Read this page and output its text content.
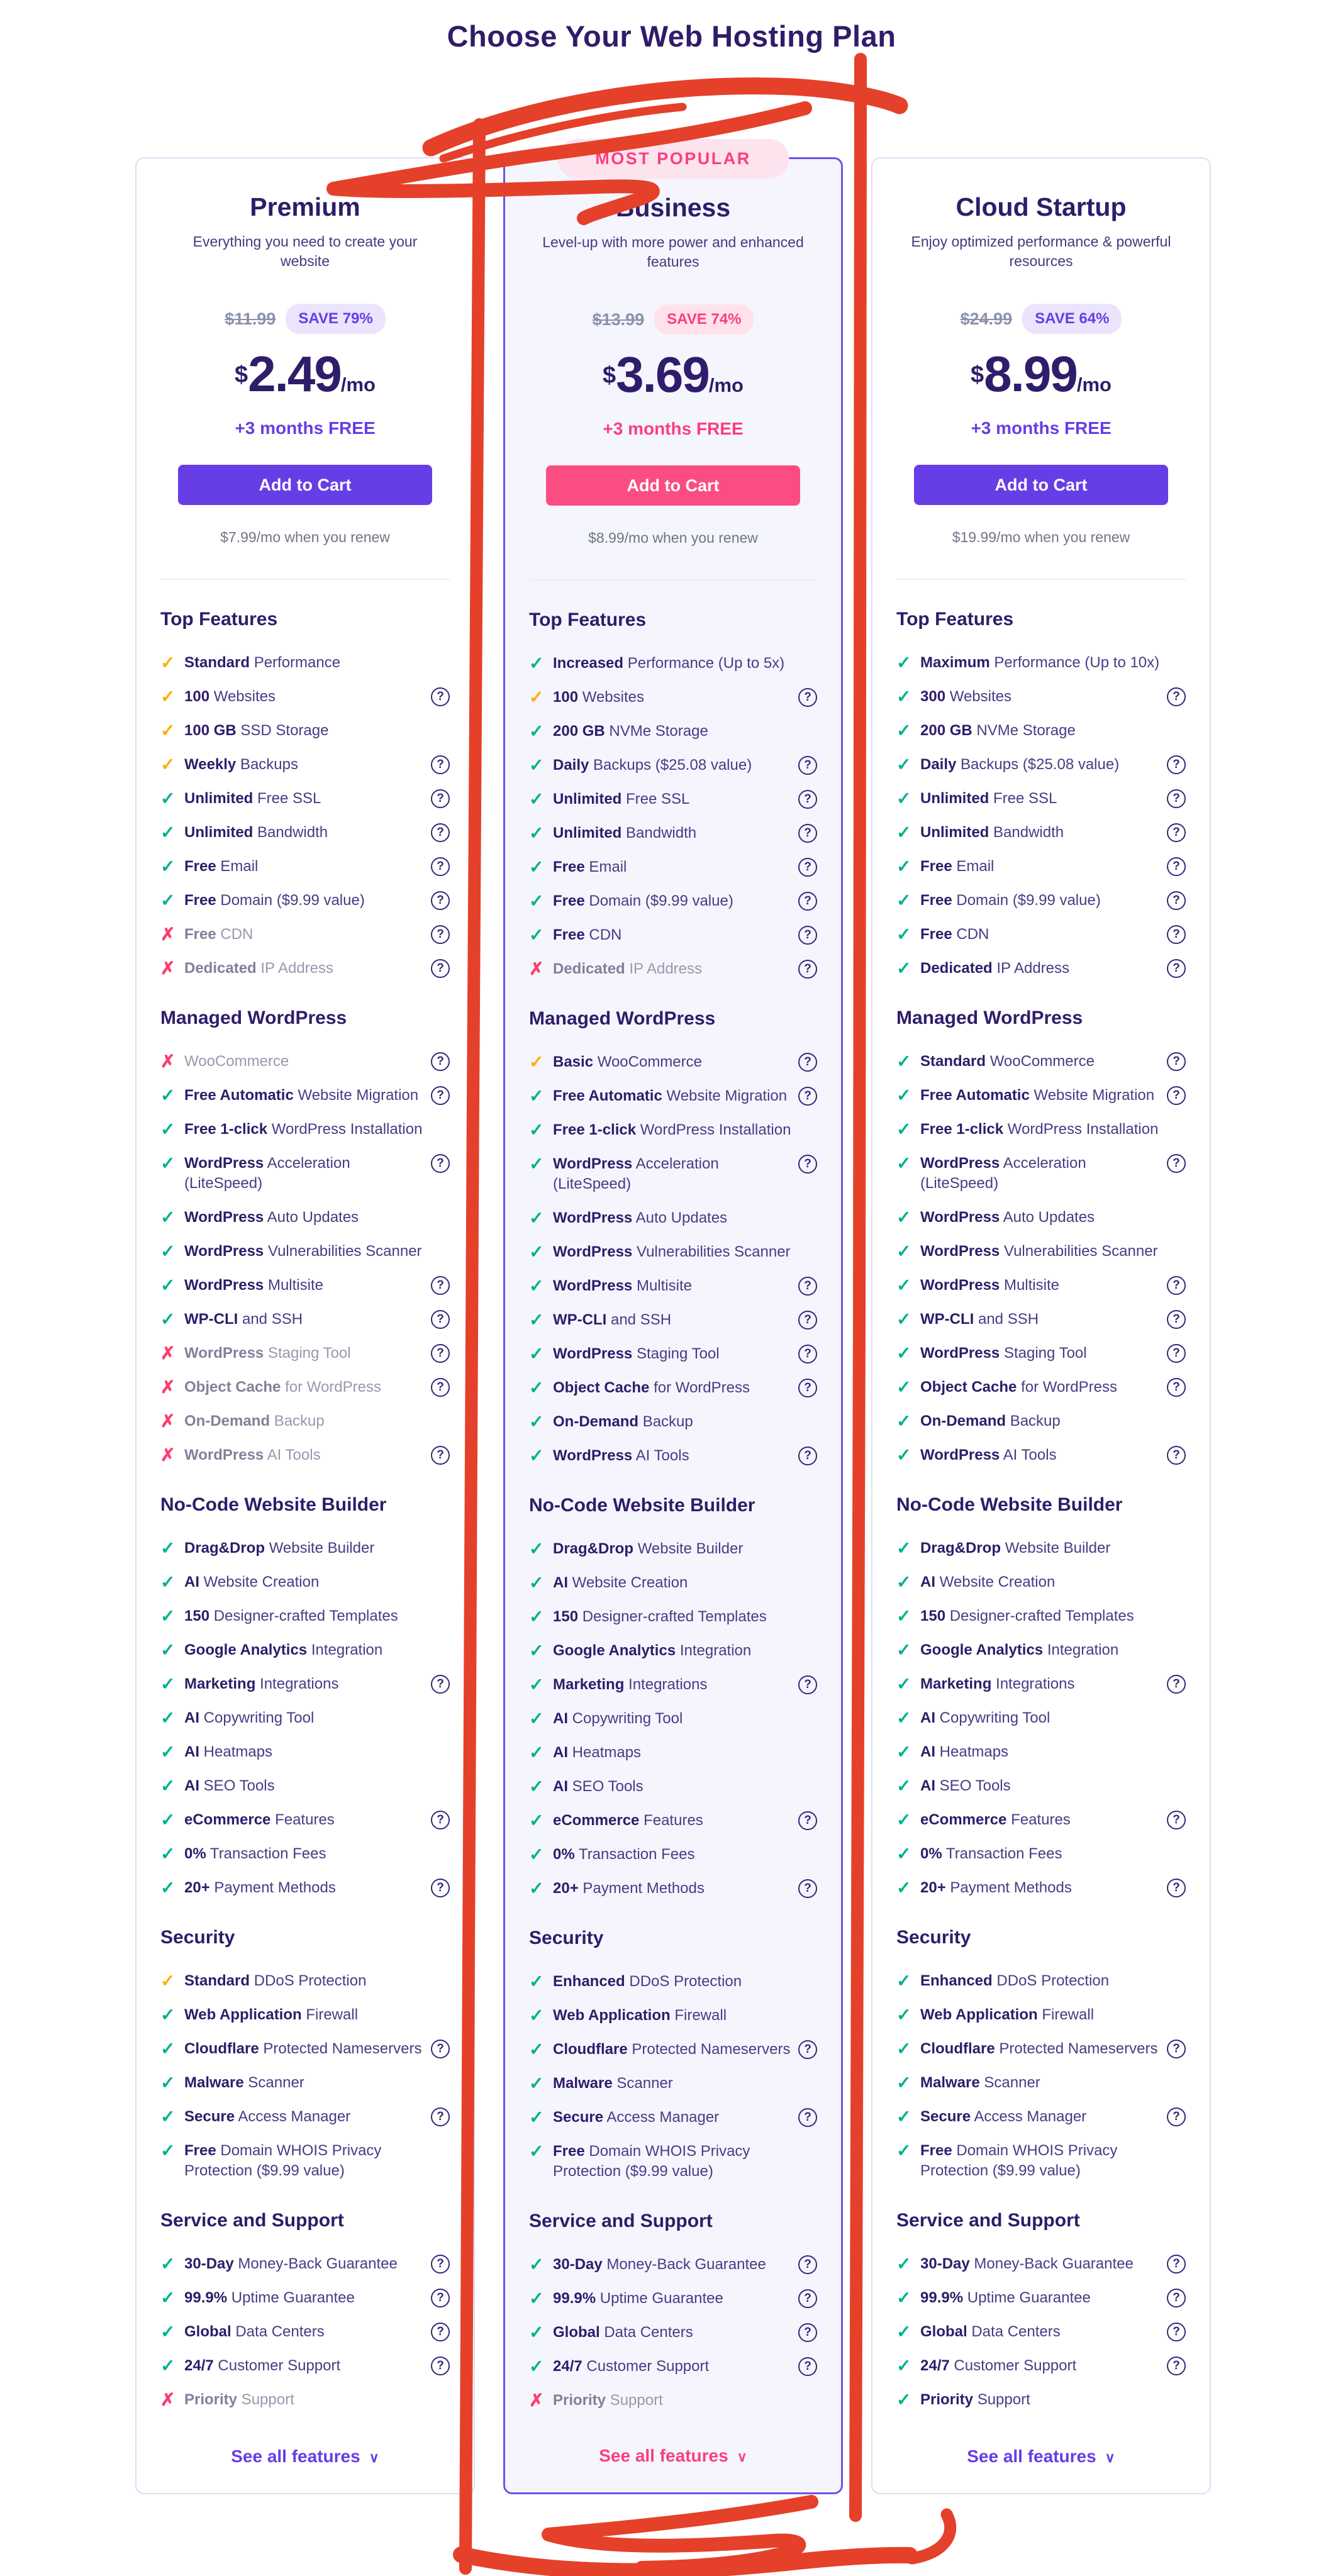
Choose Your Web Hosting Plan
Premium

Everything you need to create your website

$11.99	SAVE 79%
$2.49/mo
+3 months FREE
Add to Cart
$7.99/mo when you renew
Top Features
✓ Standard Performance
✓ 100 Websites
?
✓ 100 GB SSD Storage
✓ Weekly Backups
?
✓ Unlimited Free SSL
?
✓ Unlimited Bandwidth
?
✓ Free Email
?
✓ Free Domain ($9.99 value)
?
✗ Free CDN
?
✗ Dedicated IP Address
?
Managed WordPress
✗ WooCommerce
?
✓ Free Automatic Website Migration
?
✓ Free 1-click WordPress Installation
✓ WordPress Acceleration (LiteSpeed)
?
✓ WordPress Auto Updates
✓ WordPress Vulnerabilities Scanner
✓ WordPress Multisite
?
✓ WP-CLI and SSH
?
✗ WordPress Staging Tool
?
✗ Object Cache for WordPress
?
✗ On-Demand Backup
✗ WordPress AI Tools
?
No-Code Website Builder
✓ Drag&Drop Website Builder
✓ AI Website Creation
✓ 150 Designer-crafted Templates
✓ Google Analytics Integration
✓ Marketing Integrations
?
✓ AI Copywriting Tool
✓ AI Heatmaps
✓ AI SEO Tools
✓ eCommerce Features
?
✓ 0% Transaction Fees
✓ 20+ Payment Methods
?
Security
✓ Standard DDoS Protection
✓ Web Application Firewall
✓ Cloudflare Protected Nameservers
?
✓ Malware Scanner
✓ Secure Access Manager
?
✓ Free Domain WHOIS Privacy Protection ($9.99 value)
Service and Support
✓ 30-Day Money-Back Guarantee
?
✓ 99.9% Uptime Guarantee
?
✓ Global Data Centers
?
✓ 24/7 Customer Support
?
✗ Priority Support
See all features ∨
MOST POPULAR
Business

Level-up with more power and enhanced features

$13.99	SAVE 74%
$3.69/mo
+3 months FREE
Add to Cart
$8.99/mo when you renew
Top Features
✓ Increased Performance (Up to 5x)
✓ 100 Websites
?
✓ 200 GB NVMe Storage
✓ Daily Backups ($25.08 value)
?
✓ Unlimited Free SSL
?
✓ Unlimited Bandwidth
?
✓ Free Email
?
✓ Free Domain ($9.99 value)
?
✓ Free CDN
?
✗ Dedicated IP Address
?
Managed WordPress
✓ Basic WooCommerce
?
✓ Free Automatic Website Migration
?
✓ Free 1-click WordPress Installation
✓ WordPress Acceleration (LiteSpeed)
?
✓ WordPress Auto Updates
✓ WordPress Vulnerabilities Scanner
✓ WordPress Multisite
?
✓ WP-CLI and SSH
?
✓ WordPress Staging Tool
?
✓ Object Cache for WordPress
?
✓ On-Demand Backup
✓ WordPress AI Tools
?
No-Code Website Builder
✓ Drag&Drop Website Builder
✓ AI Website Creation
✓ 150 Designer-crafted Templates
✓ Google Analytics Integration
✓ Marketing Integrations
?
✓ AI Copywriting Tool
✓ AI Heatmaps
✓ AI SEO Tools
✓ eCommerce Features
?
✓ 0% Transaction Fees
✓ 20+ Payment Methods
?
Security
✓ Enhanced DDoS Protection
✓ Web Application Firewall
✓ Cloudflare Protected Nameservers
?
✓ Malware Scanner
✓ Secure Access Manager
?
✓ Free Domain WHOIS Privacy Protection ($9.99 value)
Service and Support
✓ 30-Day Money-Back Guarantee
?
✓ 99.9% Uptime Guarantee
?
✓ Global Data Centers
?
✓ 24/7 Customer Support
?
✗ Priority Support
See all features ∨
Cloud Startup

Enjoy optimized performance & powerful resources

$24.99	SAVE 64%
$8.99/mo
+3 months FREE
Add to Cart
$19.99/mo when you renew
Top Features
✓ Maximum Performance (Up to 10x)
✓ 300 Websites
?
✓ 200 GB NVMe Storage
✓ Daily Backups ($25.08 value)
?
✓ Unlimited Free SSL
?
✓ Unlimited Bandwidth
?
✓ Free Email
?
✓ Free Domain ($9.99 value)
?
✓ Free CDN
?
✓ Dedicated IP Address
?
Managed WordPress
✓ Standard WooCommerce
?
✓ Free Automatic Website Migration
?
✓ Free 1-click WordPress Installation
✓ WordPress Acceleration (LiteSpeed)
?
✓ WordPress Auto Updates
✓ WordPress Vulnerabilities Scanner
✓ WordPress Multisite
?
✓ WP-CLI and SSH
?
✓ WordPress Staging Tool
?
✓ Object Cache for WordPress
?
✓ On-Demand Backup
✓ WordPress AI Tools
?
No-Code Website Builder
✓ Drag&Drop Website Builder
✓ AI Website Creation
✓ 150 Designer-crafted Templates
✓ Google Analytics Integration
✓ Marketing Integrations
?
✓ AI Copywriting Tool
✓ AI Heatmaps
✓ AI SEO Tools
✓ eCommerce Features
?
✓ 0% Transaction Fees
✓ 20+ Payment Methods
?
Security
✓ Enhanced DDoS Protection
✓ Web Application Firewall
✓ Cloudflare Protected Nameservers
?
✓ Malware Scanner
✓ Secure Access Manager
?
✓ Free Domain WHOIS Privacy Protection ($9.99 value)
Service and Support
✓ 30-Day Money-Back Guarantee
?
✓ 99.9% Uptime Guarantee
?
✓ Global Data Centers
?
✓ 24/7 Customer Support
?
✓ Priority Support
See all features ∨
